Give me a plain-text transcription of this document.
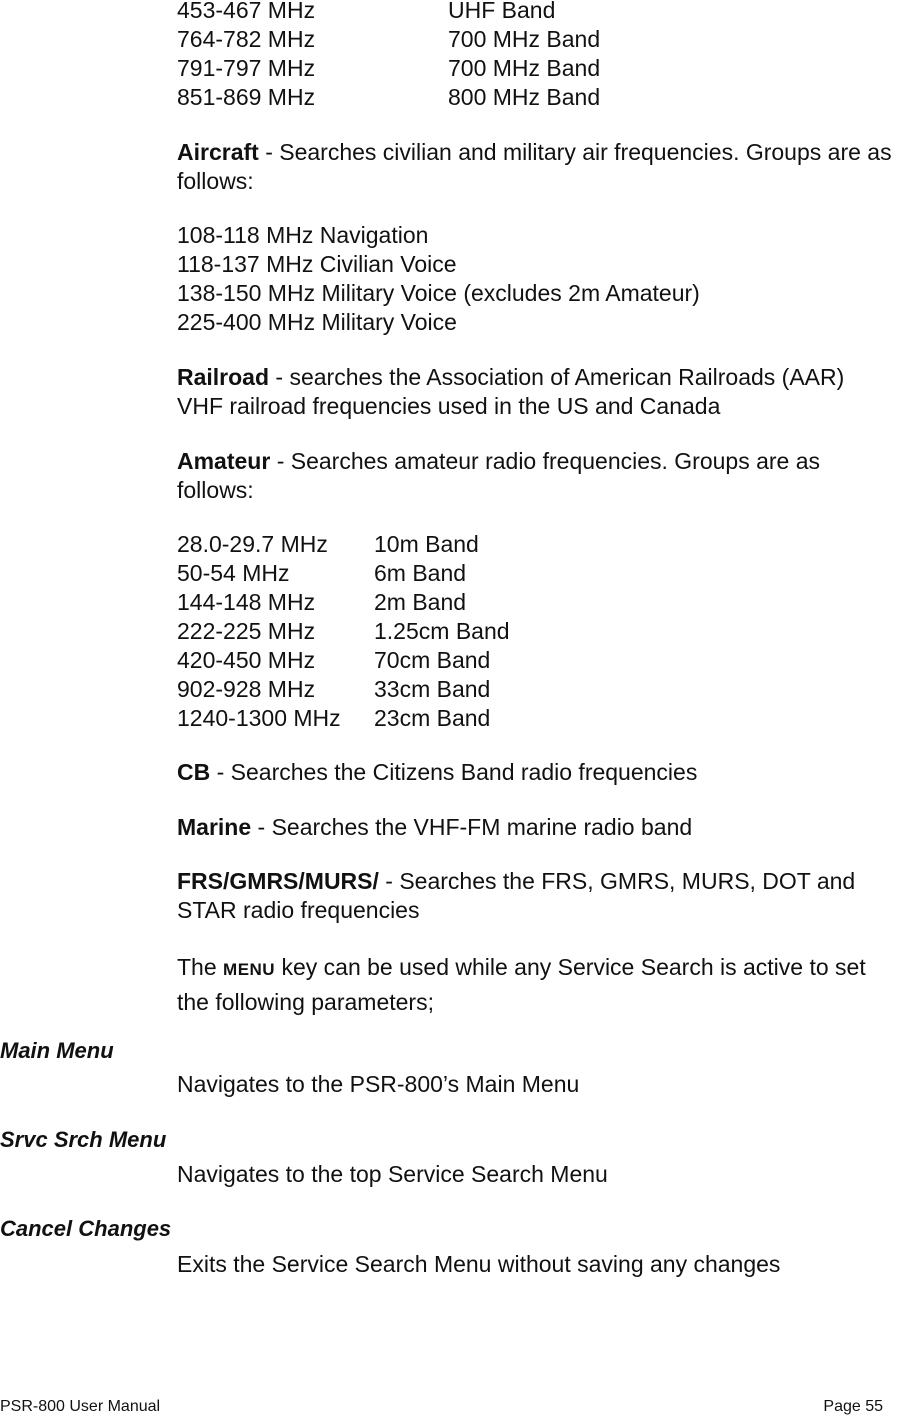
453-467 MHz	UHF Band
764-782 MHz	700 MHz Band
791-797 MHz	700 MHz Band
851-869 MHz	800 MHz Band

Aircraft - Searches civilian and military air frequencies. Groups are as follows:

108-118 MHz Navigation
118-137 MHz Civilian Voice
138-150 MHz Military Voice (excludes 2m Amateur)
225-400 MHz Military Voice

Railroad - searches the Association of American Railroads (AAR) VHF railroad frequencies used in the US and Canada

Amateur - Searches amateur radio frequencies. Groups are as follows:

28.0-29.7 MHz	10m Band
50-54 MHz	6m Band
144-148 MHz	2m Band
222-225 MHz	1.25cm Band
420-450 MHz	70cm Band
902-928 MHz	33cm Band
1240-1300 MHz	23cm Band

CB - Searches the Citizens Band radio frequencies

Marine - Searches the VHF-FM marine radio band

FRS/GMRS/MURS/ - Searches the FRS, GMRS, MURS, DOT and STAR radio frequencies

The MENU key can be used while any Service Search is active to set the following parameters;

Main Menu
Navigates to the PSR-800’s Main Menu
Srvc Srch Menu
Navigates to the top Service Search Menu
Cancel Changes
Exits the Service Search Menu without saving any changes
PSR-800 User Manual	Page 55
